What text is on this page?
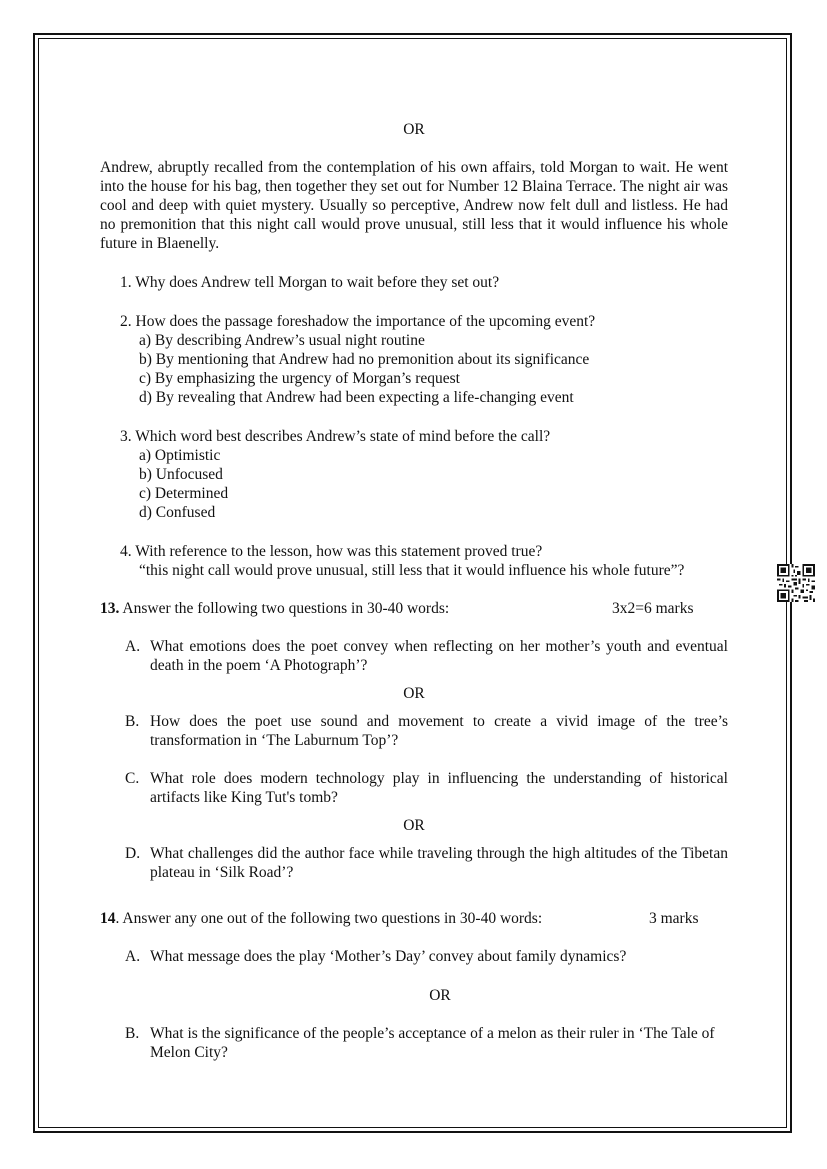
OR
Andrew, abruptly recalled from the contemplation of his own affairs, told Morgan to wait. He went into the house for his bag, then together they set out for Number 12 Blaina Terrace. The night air was cool and deep with quiet mystery. Usually so perceptive, Andrew now felt dull and listless. He had no premonition that this night call would prove unusual, still less that it would influence his whole future in Blaenelly.
1. Why does Andrew tell Morgan to wait before they set out?
2. How does the passage foreshadow the importance of the upcoming event?
a) By describing Andrew’s usual night routine
b) By mentioning that Andrew had no premonition about its significance
c) By emphasizing the urgency of Morgan’s request
d) By revealing that Andrew had been expecting a life-changing event
3. Which word best describes Andrew’s state of mind before the call?
a) Optimistic
b) Unfocused
c) Determined
d) Confused
4. With reference to the lesson, how was this statement proved true?
“this night call would prove unusual, still less that it would influence his whole future”?
13. Answer the following two questions in 30-40 words:	3x2=6 marks
A. What emotions does the poet convey when reflecting on her mother’s youth and eventual death in the poem ‘A Photograph’?
OR
B. How does the poet use sound and movement to create a vivid image of the tree’s transformation in ‘The Laburnum Top’?
C. What role does modern technology play in influencing the understanding of historical artifacts like King Tut's tomb?
OR
D. What challenges did the author face while traveling through the high altitudes of the Tibetan plateau in ‘Silk Road’?
14. Answer any one out of the following two questions in 30-40 words:	3 marks
A. What message does the play ‘Mother’s Day’ convey about family dynamics?
OR
B. What is the significance of the people’s acceptance of a melon as their ruler in ‘The Tale of Melon City?
